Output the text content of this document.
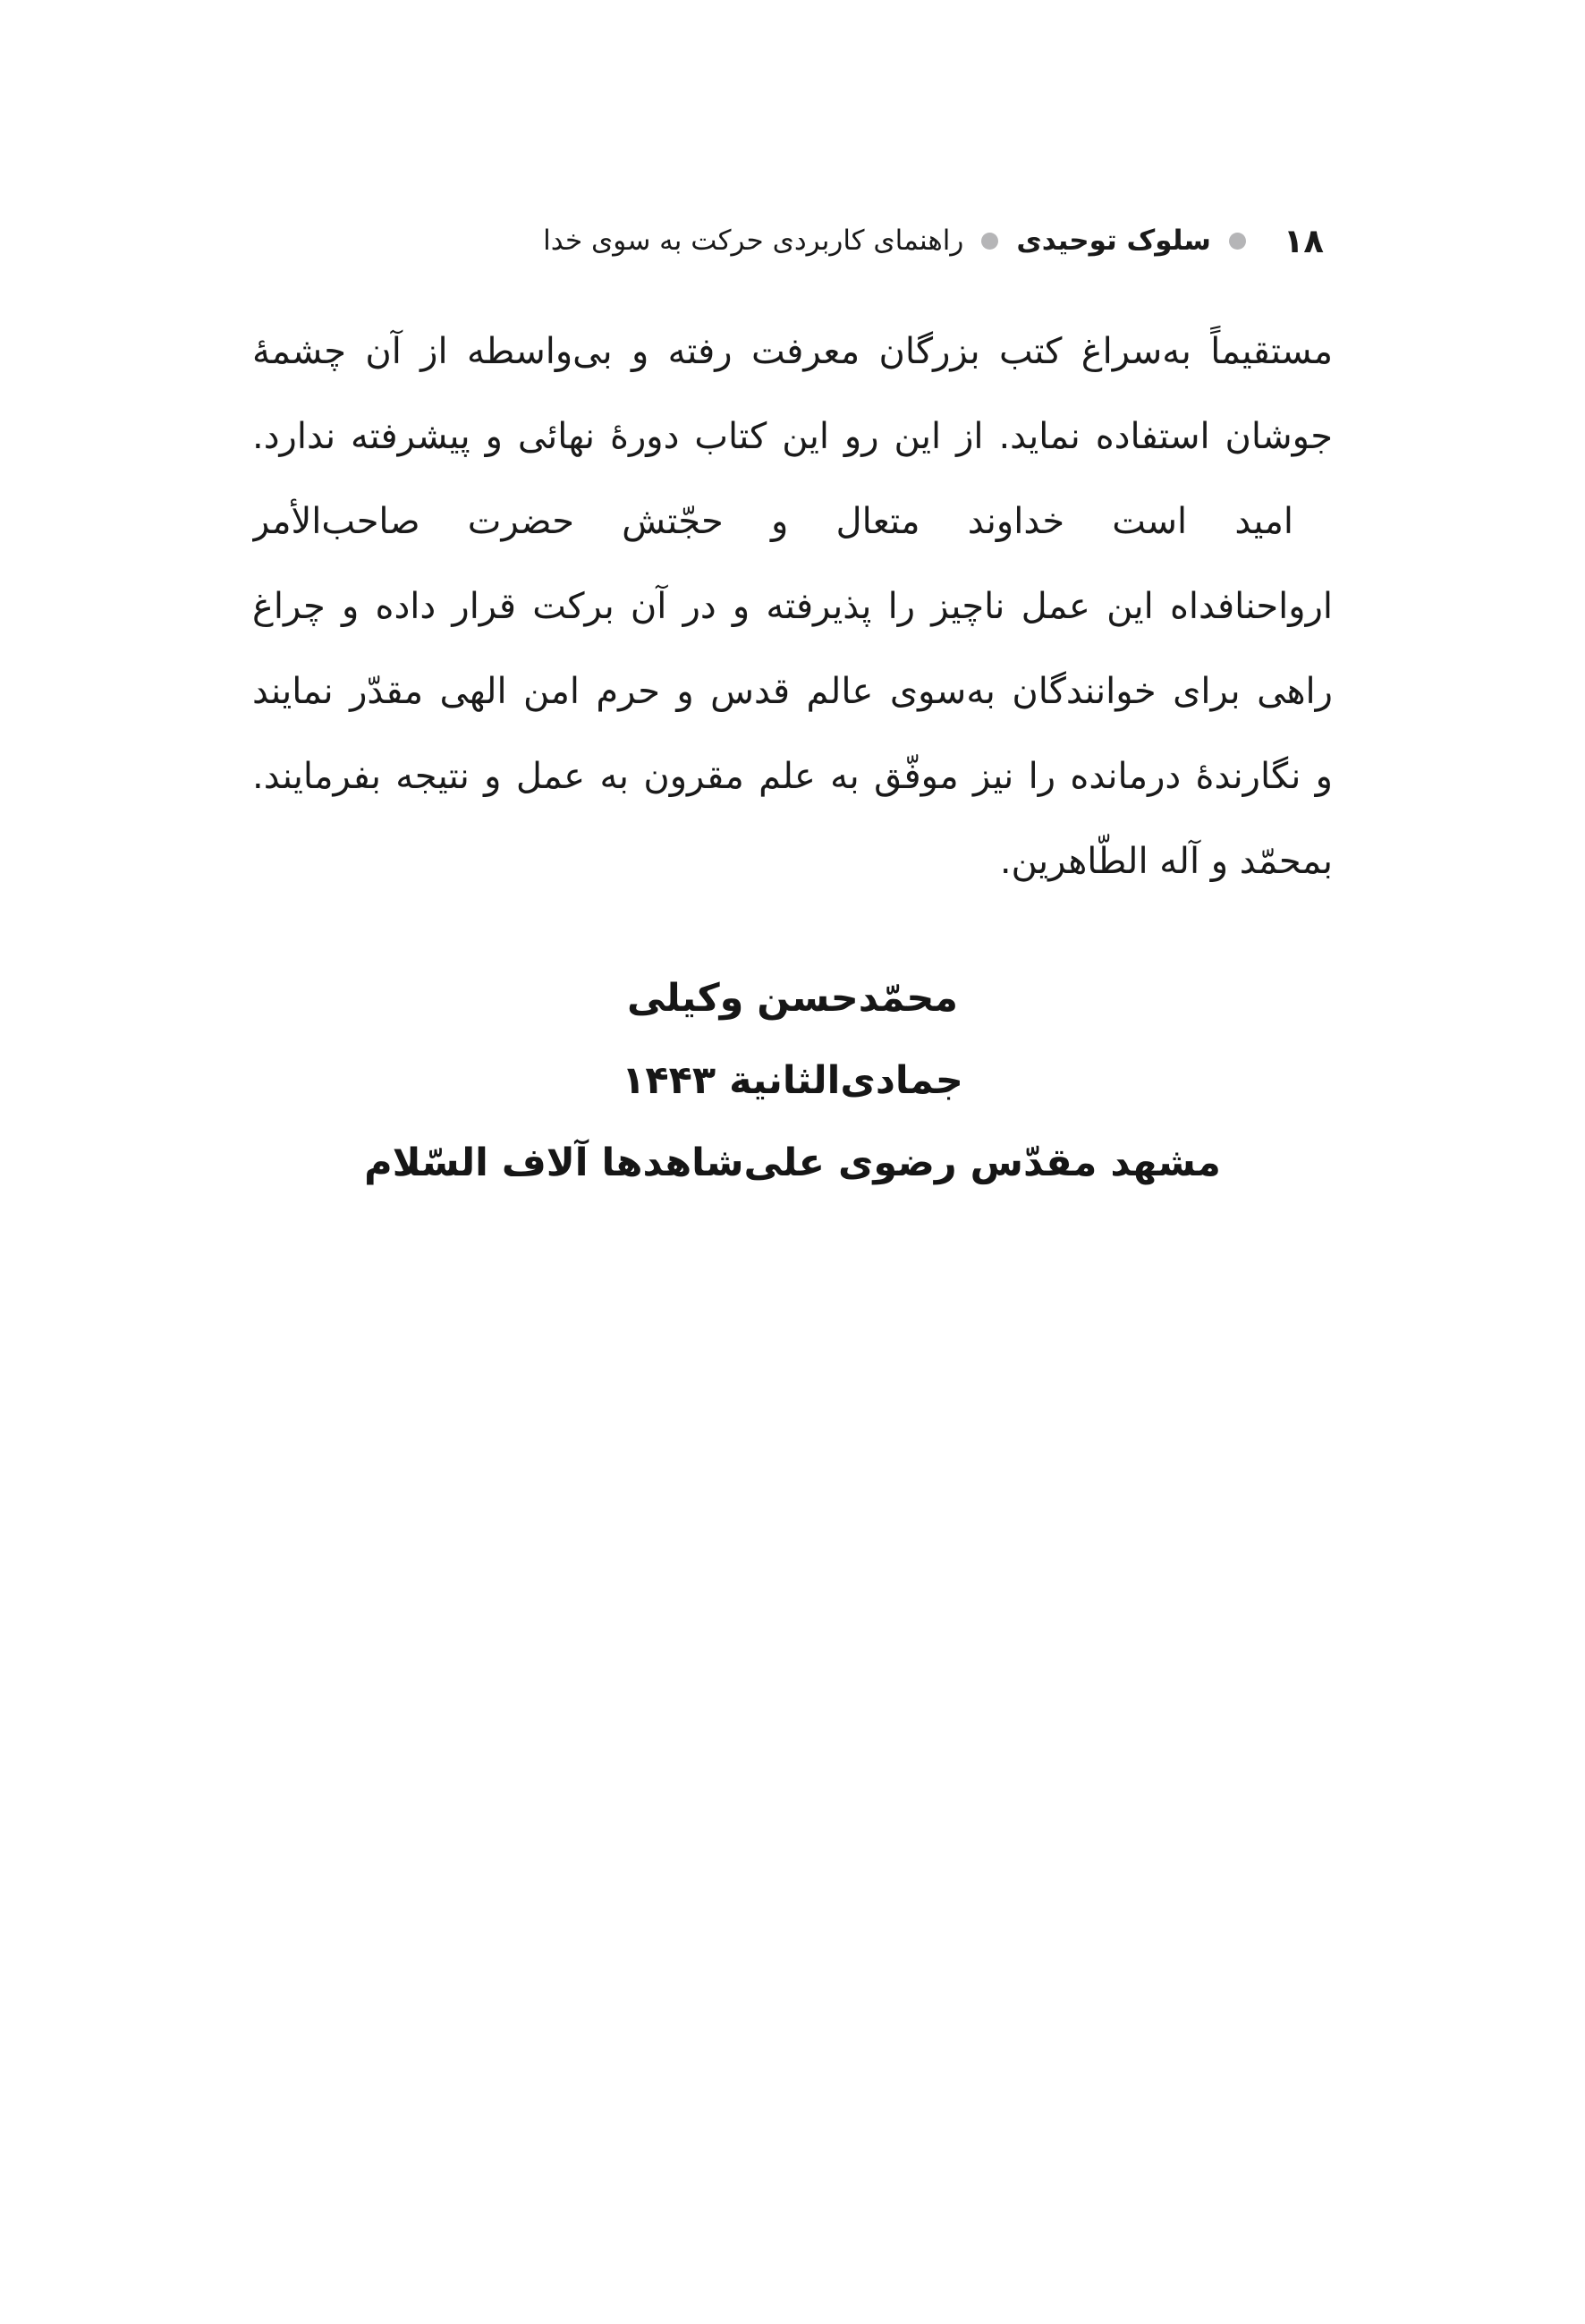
۱۸
سلوک توحیدی
راهنمای کاربردی حرکت به سوی خدا
مستقیماً به‌سراغ کتب بزرگان معرفت رفته و بی‌واسطه از آن چشمهٔ
جوشان استفاده نماید. از این رو این کتاب دورهٔ نهائی و پیشرفته ندارد.
امید است خداوند متعال و حجّتش حضرت صاحب‌الأمر
ارواحنافداه این عمل ناچیز را پذیرفته و در آن برکت قرار داده و چراغ
راهی برای خوانندگان به‌سوی عالم قدس و حرم امن الهی مقدّر نمایند
و نگارندهٔ درمانده را نیز موفّق به علم مقرون به عمل و نتیجه بفرمایند.
بمحمّد و آله الطّاهرین.
محمّدحسن وکیلی
جمادی‌الثانیة ۱۴۴۳
مشهد مقدّس رضوی علی‌شاهدها آلاف السّلام
